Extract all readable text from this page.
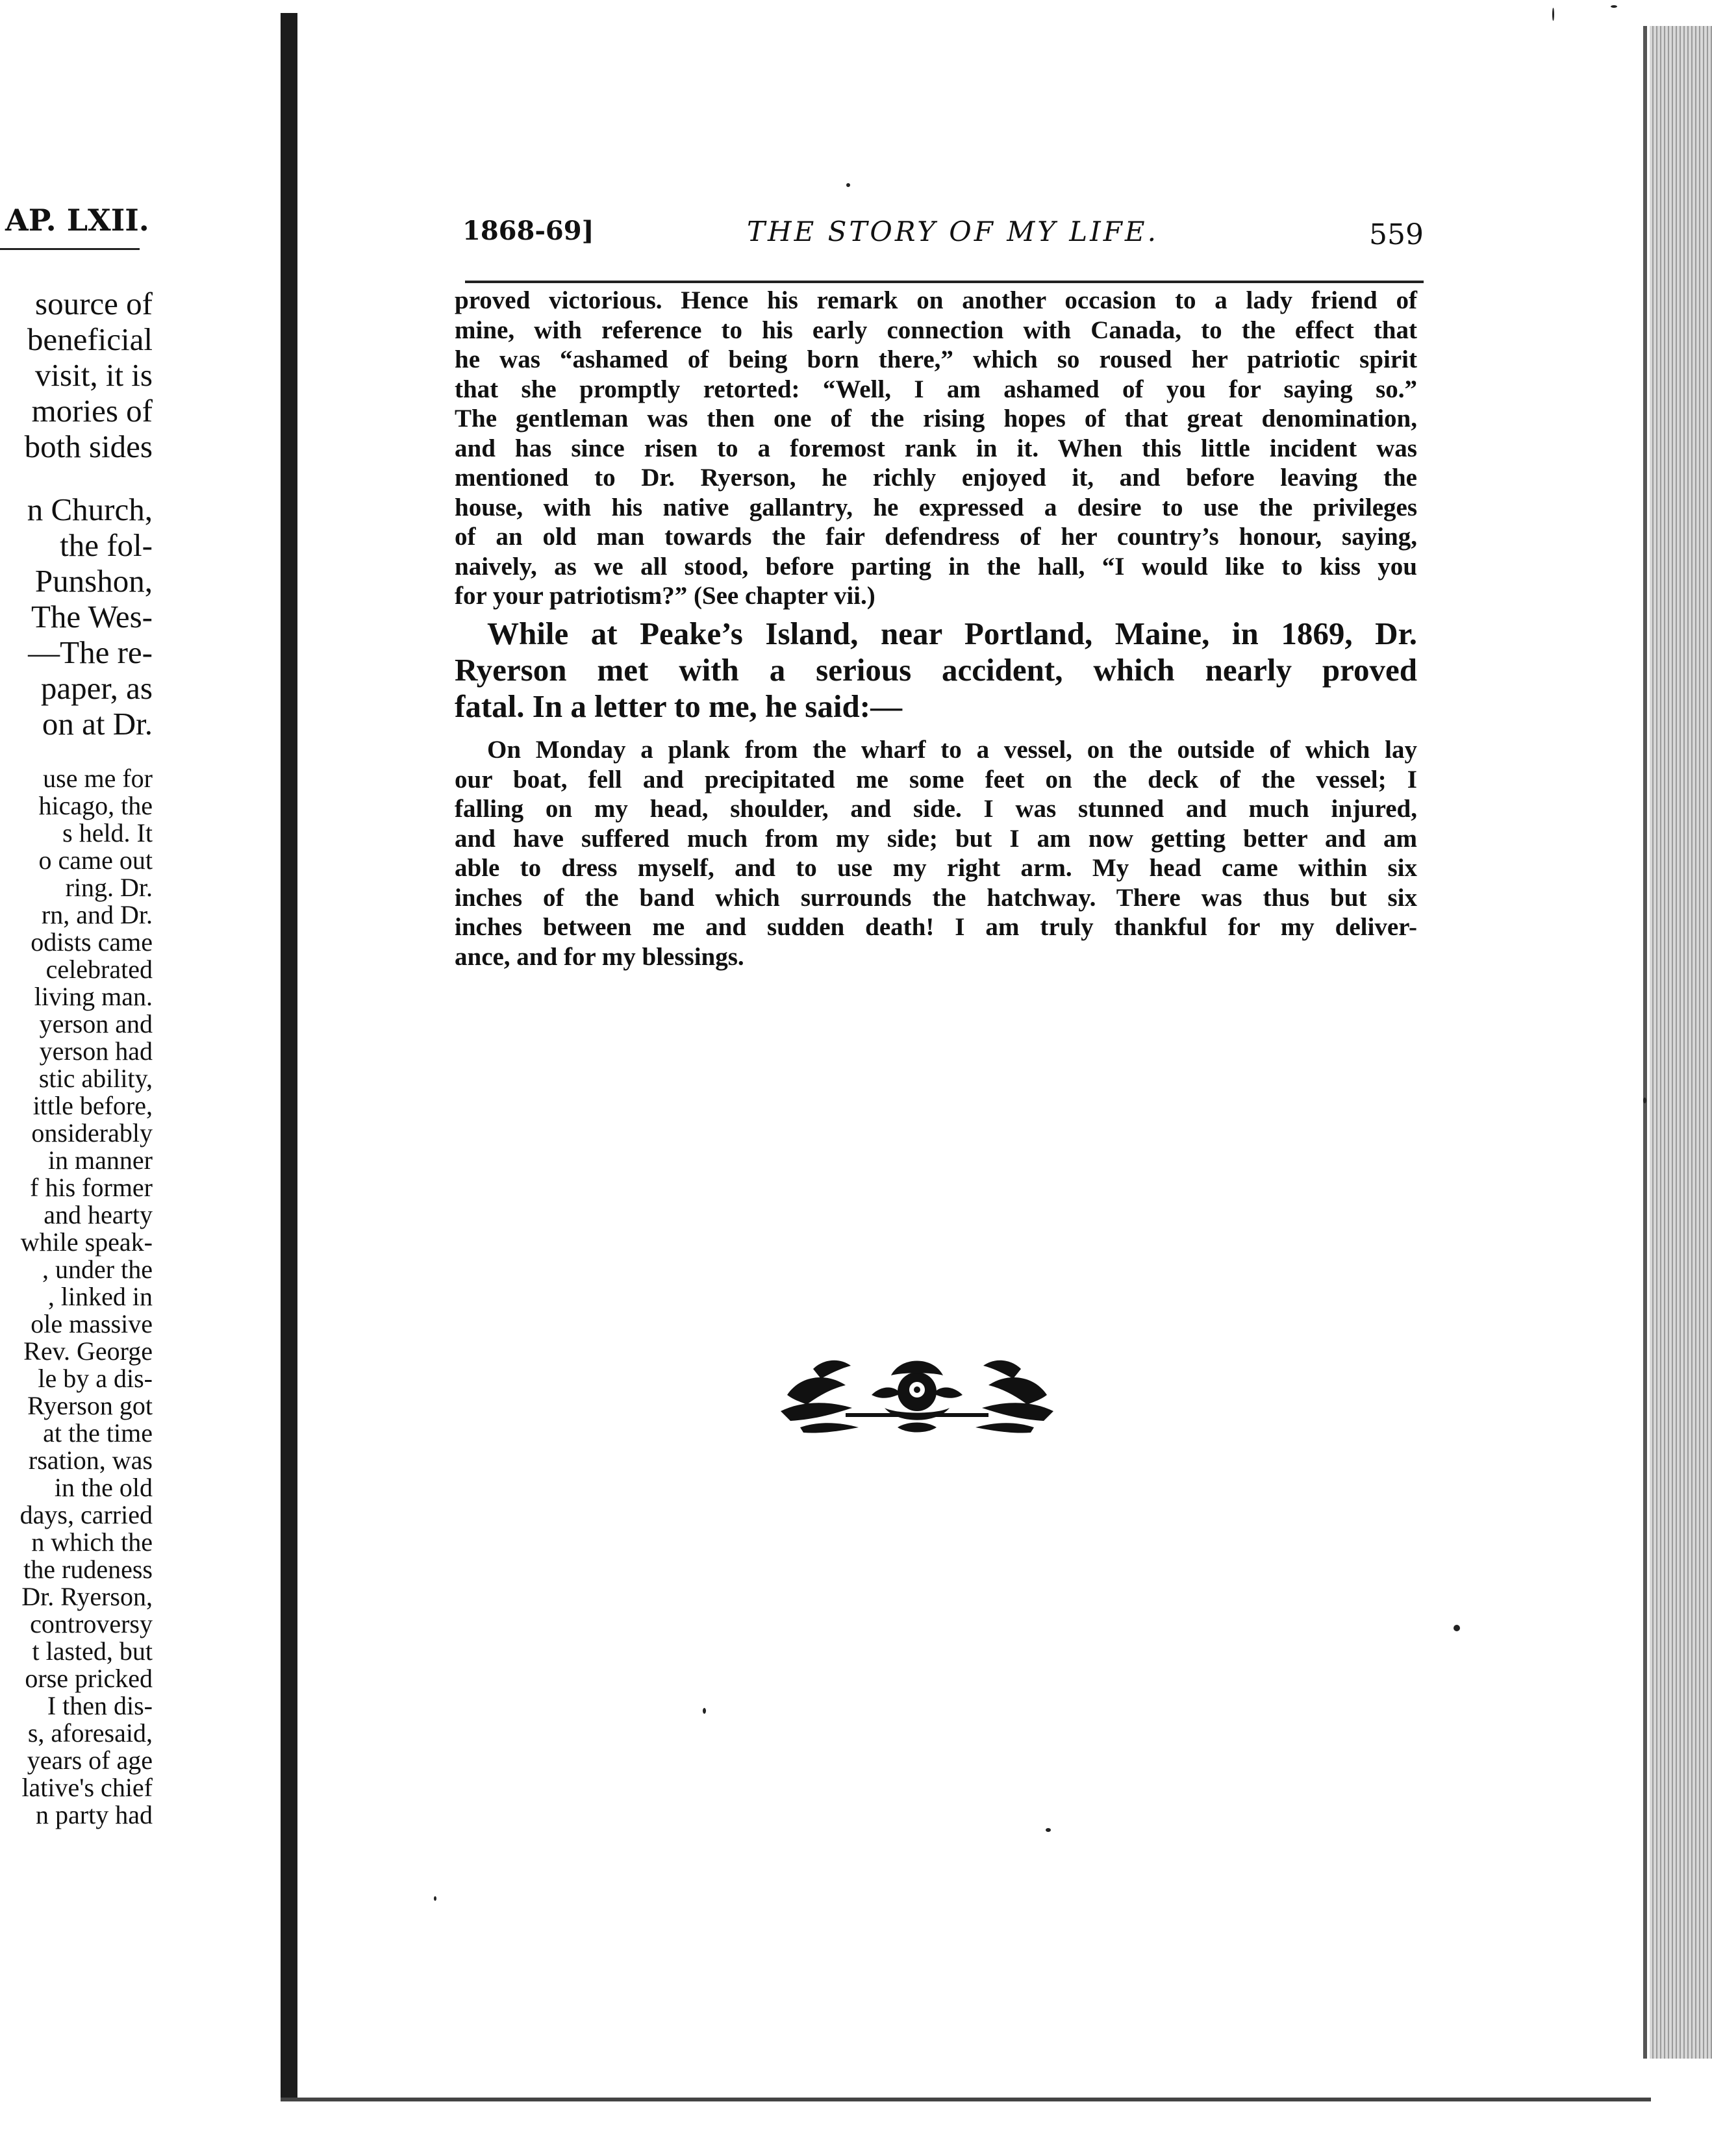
AP. LXII.
source of
beneficial
visit, it is
mories of
both sides
n Church,
the fol-
Punshon,
The Wes-
—The re-
paper, as
on at Dr.
use me for
hicago, the
s held. It
o came out
ring. Dr.
rn, and Dr.
odists came
celebrated
living man.
yerson and
yerson had
stic ability,
ittle before,
onsiderably
in manner
f his former
and hearty
while speak-
, under the
, linked in
ole massive
Rev. George
le by a dis-
Ryerson got
at the time
rsation, was
in the old
days, carried
n which the
the rudeness
Dr. Ryerson,
controversy
t lasted, but
orse pricked
I then dis-
s, aforesaid,
years of age
lative's chief
n party had
1868-69]	THE STORY OF MY LIFE.	559
proved victorious. Hence his remark on another occasion to a lady friend of
mine, with reference to his early connection with Canada, to the effect that
he was “ashamed of being born there,” which so roused her patriotic spirit
that she promptly retorted: “Well, I am ashamed of you for saying so.”
The gentleman was then one of the rising hopes of that great denomination,
and has since risen to a foremost rank in it. When this little incident was
mentioned to Dr. Ryerson, he richly enjoyed it, and before leaving the
house, with his native gallantry, he expressed a desire to use the privileges
of an old man towards the fair defendress of her country’s honour, saying,
naively, as we all stood, before parting in the hall, “I would like to kiss you
for your patriotism?” (See chapter vii.)
While at Peake’s Island, near Portland, Maine, in 1869, Dr.
Ryerson met with a serious accident, which nearly proved
fatal. In a letter to me, he said:—
On Monday a plank from the wharf to a vessel, on the outside of which lay
our boat, fell and precipitated me some feet on the deck of the vessel; I
falling on my head, shoulder, and side. I was stunned and much injured,
and have suffered much from my side; but I am now getting better and am
able to dress myself, and to use my right arm. My head came within six
inches of the band which surrounds the hatchway. There was thus but six
inches between me and sudden death! I am truly thankful for my deliver-
ance, and for my blessings.
